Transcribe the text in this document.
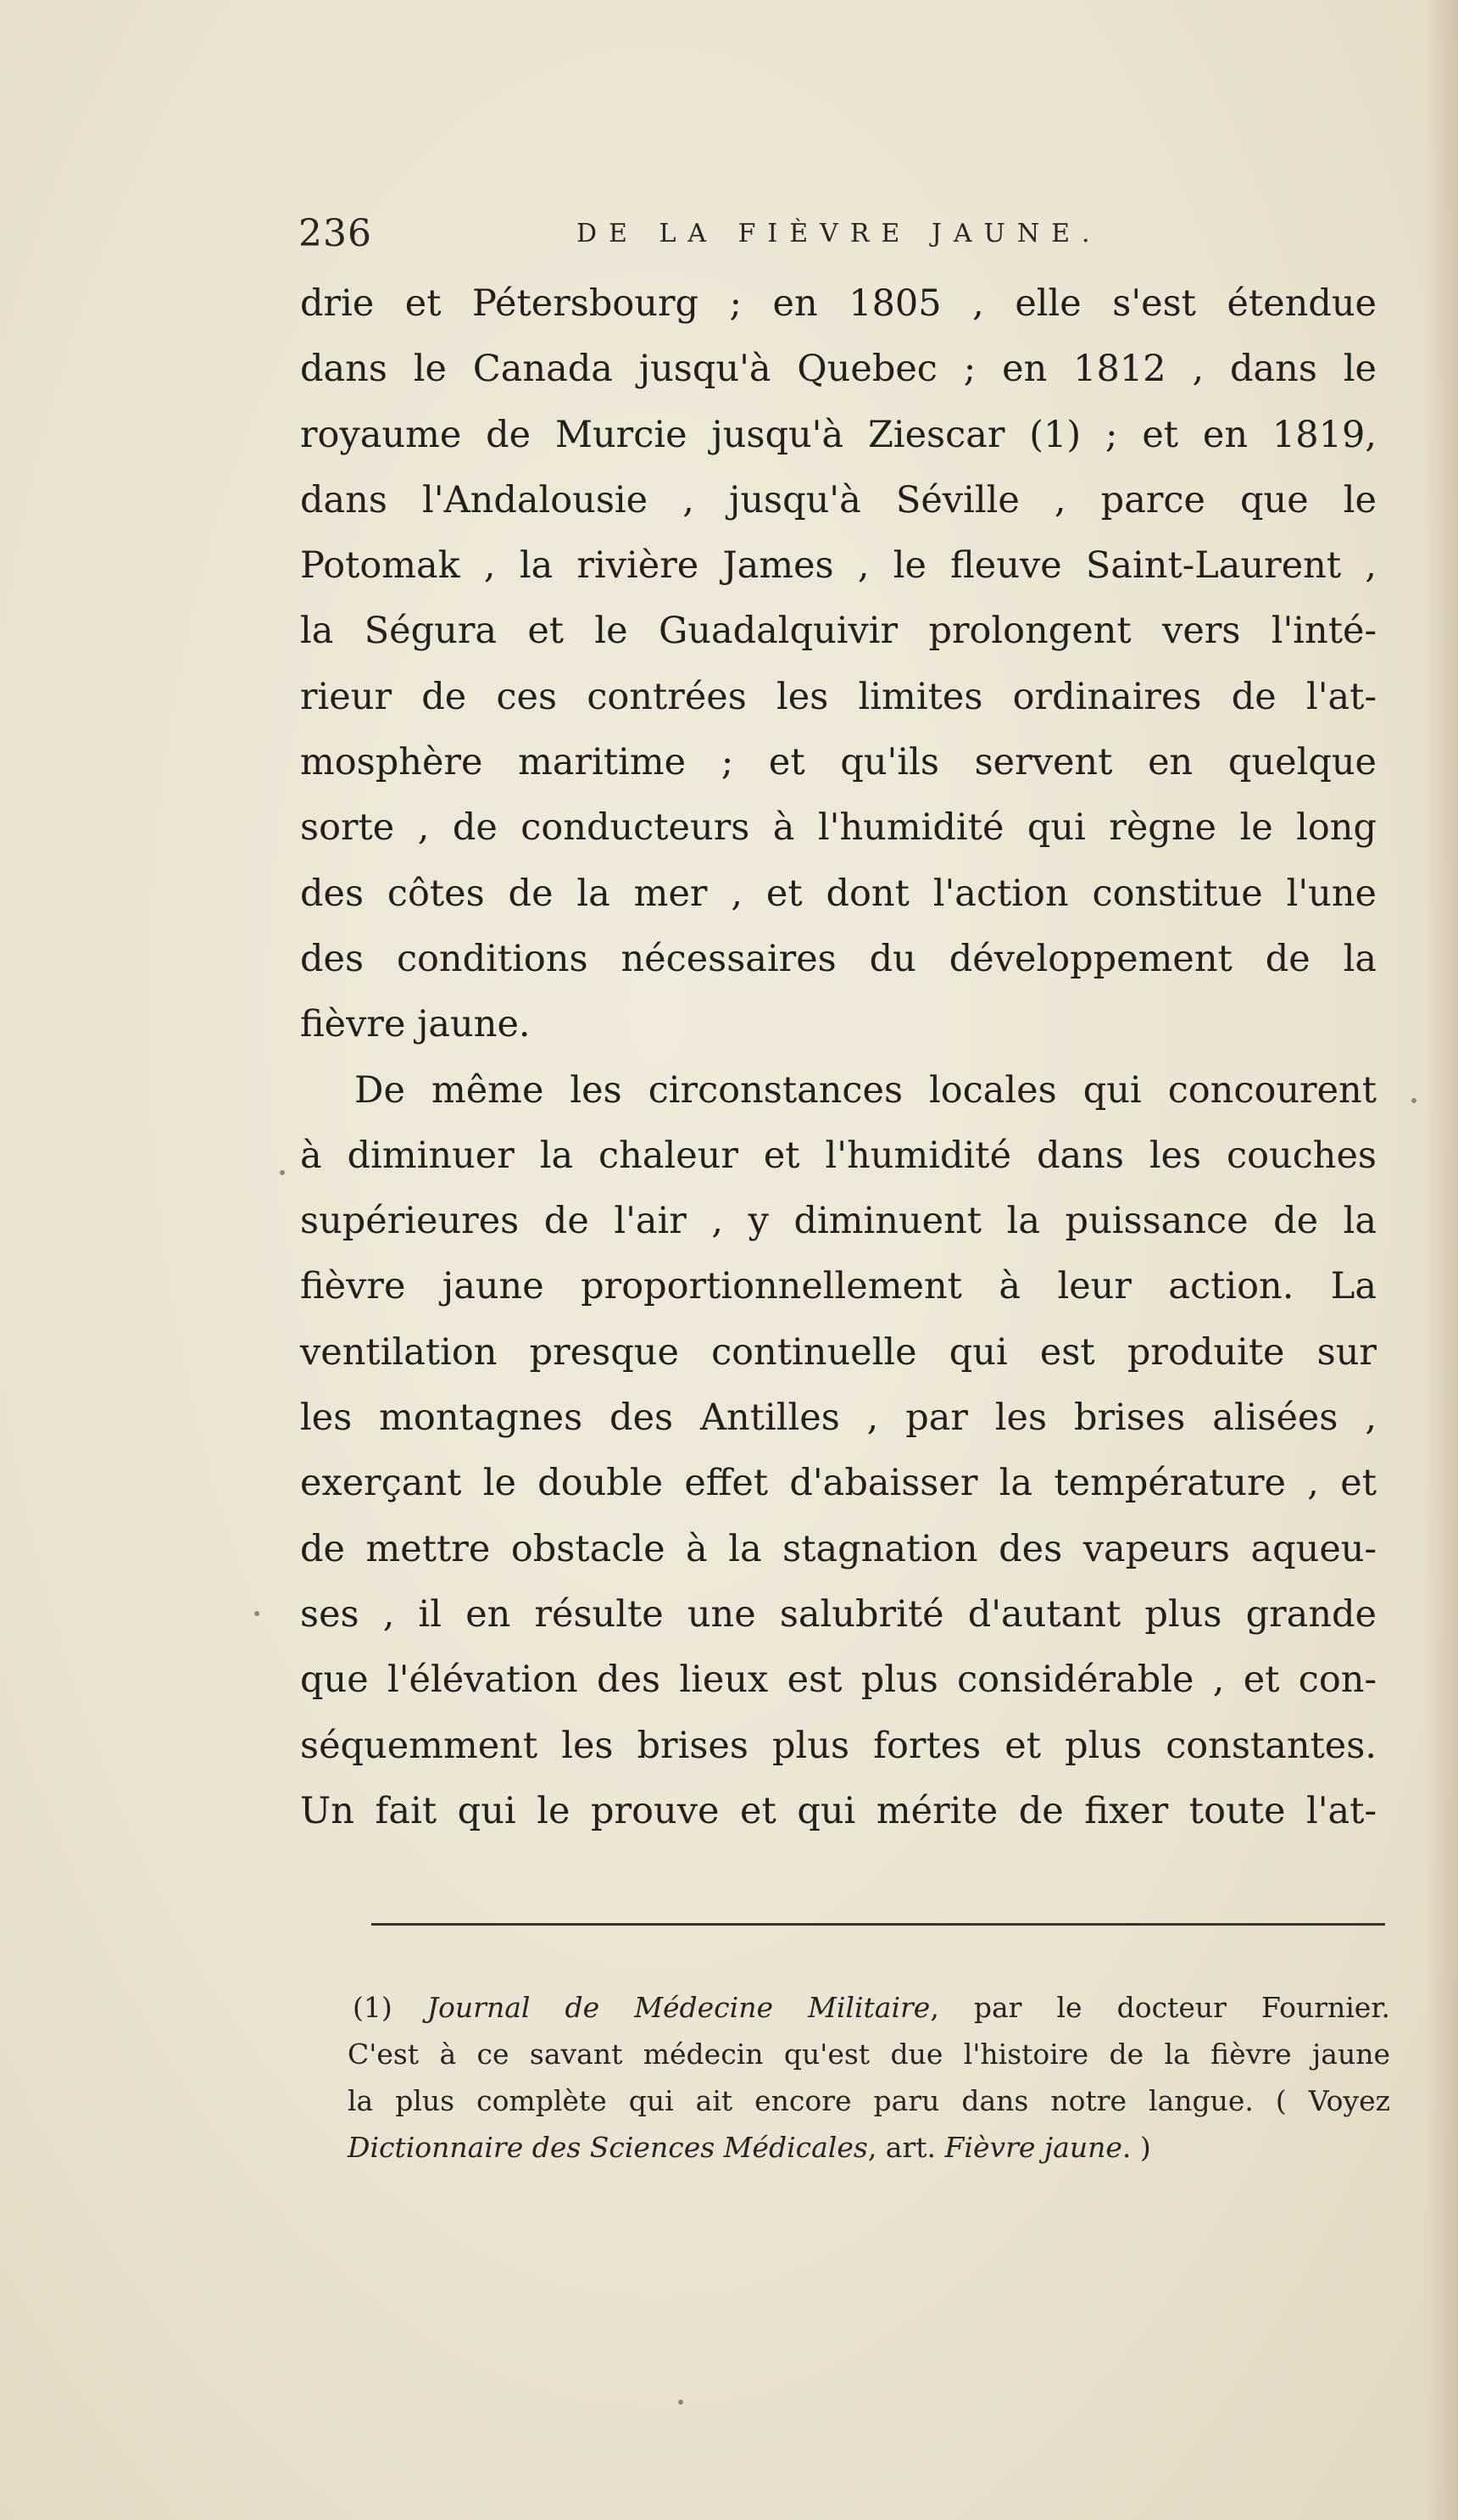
236	DE LA FIÈVRE JAUNE.
drie et Pétersbourg ; en 1805 , elle s'est étendue
dans le Canada jusqu'à Quebec ; en 1812 , dans le
royaume de Murcie jusqu'à Ziescar (1) ; et en 1819,
dans l'Andalousie , jusqu'à Séville , parce que le
Potomak , la rivière James , le fleuve Saint-Laurent ,
la Ségura et le Guadalquivir prolongent vers l'inté-
rieur de ces contrées les limites ordinaires de l'at-
mosphère maritime ; et qu'ils servent en quelque
sorte , de conducteurs à l'humidité qui règne le long
des côtes de la mer , et dont l'action constitue l'une
des conditions nécessaires du développement de la
fièvre jaune.
De même les circonstances locales qui concourent
à diminuer la chaleur et l'humidité dans les couches
supérieures de l'air , y diminuent la puissance de la
fièvre jaune proportionnellement à leur action. La
ventilation presque continuelle qui est produite sur
les montagnes des Antilles , par les brises alisées ,
exerçant le double effet d'abaisser la température , et
de mettre obstacle à la stagnation des vapeurs aqueu-
ses , il en résulte une salubrité d'autant plus grande
que l'élévation des lieux est plus considérable , et con-
séquemment les brises plus fortes et plus constantes.
Un fait qui le prouve et qui mérite de fixer toute l'at-
(1) Journal de Médecine Militaire, par le docteur Fournier.
C'est à ce savant médecin qu'est due l'histoire de la fièvre jaune
la plus complète qui ait encore paru dans notre langue. ( Voyez
Dictionnaire des Sciences Médicales, art. Fièvre jaune. )
